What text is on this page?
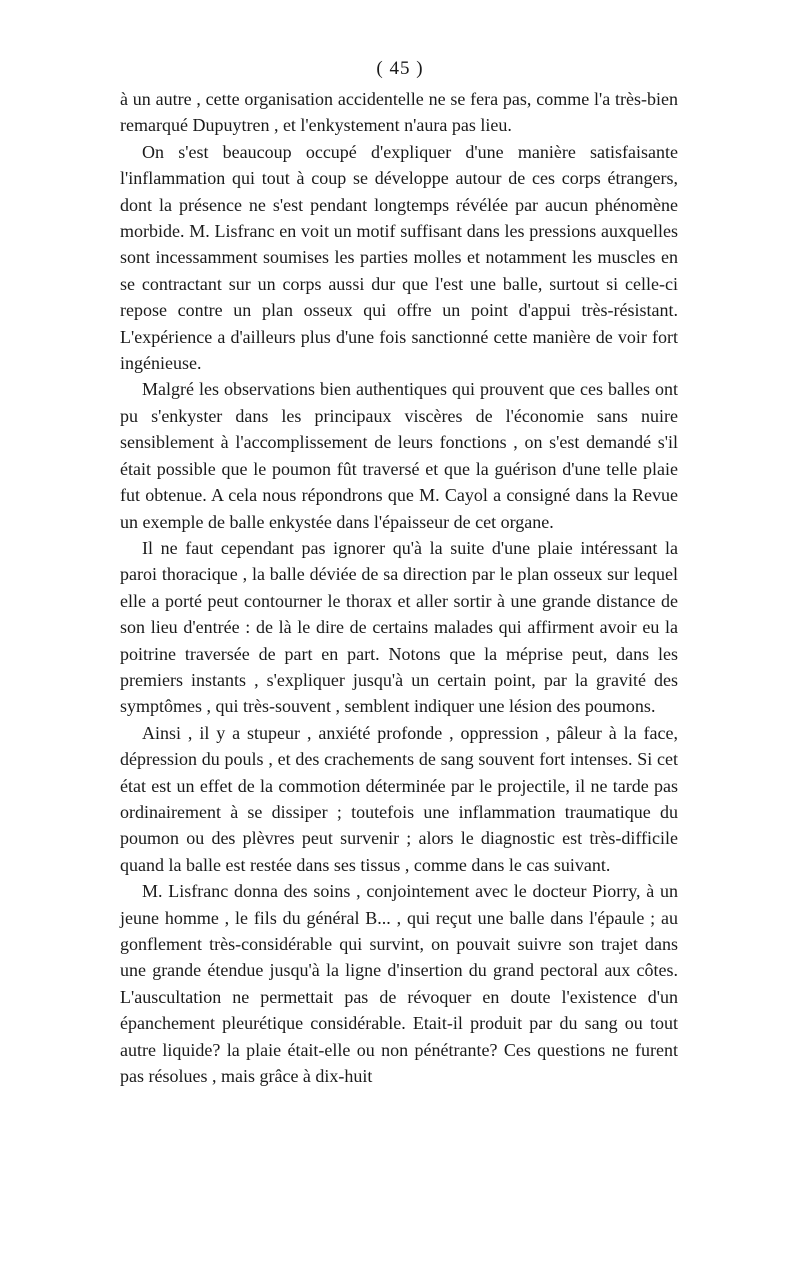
( 45 )

à un autre , cette organisation accidentelle ne se fera pas, comme l'a très-bien remarqué Dupuytren , et l'enkystement n'aura pas lieu.

On s'est beaucoup occupé d'expliquer d'une manière satisfaisante l'inflammation qui tout à coup se développe autour de ces corps étrangers, dont la présence ne s'est pendant longtemps révélée par aucun phénomène morbide. M. Lisfranc en voit un motif suffisant dans les pressions auxquelles sont incessamment soumises les parties molles et notamment les muscles en se contractant sur un corps aussi dur que l'est une balle, surtout si celle-ci repose contre un plan osseux qui offre un point d'appui très-résistant. L'expérience a d'ailleurs plus d'une fois sanctionné cette manière de voir fort ingénieuse.

Malgré les observations bien authentiques qui prouvent que ces balles ont pu s'enkyster dans les principaux viscères de l'économie sans nuire sensiblement à l'accomplissement de leurs fonctions , on s'est demandé s'il était possible que le poumon fût traversé et que la guérison d'une telle plaie fut obtenue. A cela nous répondrons que M. Cayol a consigné dans la Revue un exemple de balle enkystée dans l'épaisseur de cet organe.

Il ne faut cependant pas ignorer qu'à la suite d'une plaie intéressant la paroi thoracique , la balle déviée de sa direction par le plan osseux sur lequel elle a porté peut contourner le thorax et aller sortir à une grande distance de son lieu d'entrée : de là le dire de certains malades qui affirment avoir eu la poitrine traversée de part en part. Notons que la méprise peut, dans les premiers instants , s'expliquer jusqu'à un certain point, par la gravité des symptômes , qui très-souvent , semblent indiquer une lésion des poumons.

Ainsi , il y a stupeur , anxiété profonde , oppression , pâleur à la face, dépression du pouls , et des crachements de sang souvent fort intenses. Si cet état est un effet de la commotion déterminée par le projectile, il ne tarde pas ordinairement à se dissiper ; toutefois une inflammation traumatique du poumon ou des plèvres peut survenir ; alors le diagnostic est très-difficile quand la balle est restée dans ses tissus , comme dans le cas suivant.

M. Lisfranc donna des soins , conjointement avec le docteur Piorry, à un jeune homme , le fils du général B... , qui reçut une balle dans l'épaule ; au gonflement très-considérable qui survint, on pouvait suivre son trajet dans une grande étendue jusqu'à la ligne d'insertion du grand pectoral aux côtes. L'auscultation ne permettait pas de révoquer en doute l'existence d'un épanchement pleurétique considérable. Etait-il produit par du sang ou tout autre liquide? la plaie était-elle ou non pénétrante? Ces questions ne furent pas résolues , mais grâce à dix-huit
